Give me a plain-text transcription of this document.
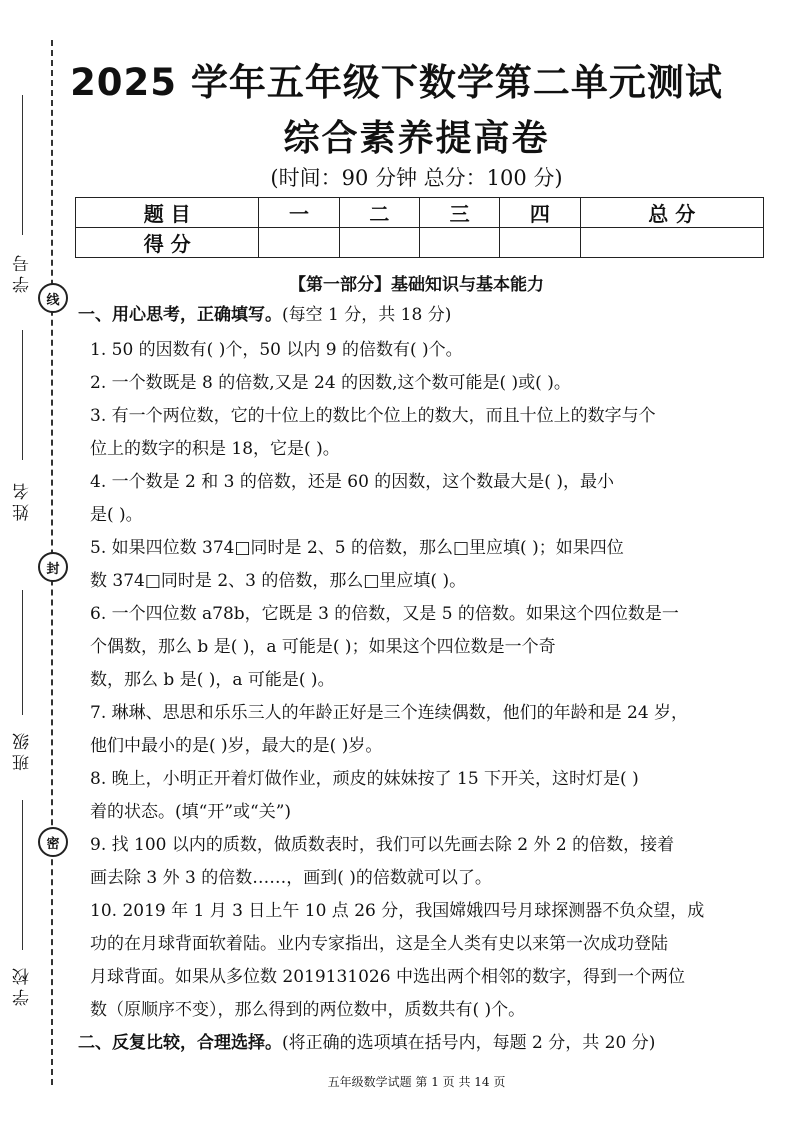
学号
线
姓名
封
班级
密
学校
2025 学年五年级下数学第二单元测试
综合素养提高卷
(时间：90 分钟 总分：100 分)
题 目	一	二	三	四	总 分
得 分					
【第一部分】基础知识与基本能力
一、用心思考，正确填写。(每空 1 分，共 18 分)
1. 50 的因数有( )个，50 以内 9 的倍数有( )个。
2. 一个数既是 8 的倍数,又是 24 的因数,这个数可能是( )或( )。
3. 有一个两位数，它的十位上的数比个位上的数大，而且十位上的数字与个
位上的数字的积是 18，它是( )。
4. 一个数是 2 和 3 的倍数，还是 60 的因数，这个数最大是( )，最小
是( )。
5. 如果四位数 374□同时是 2、5 的倍数，那么□里应填( )；如果四位
数 374□同时是 2、3 的倍数，那么□里应填( )。
6. 一个四位数 a78b，它既是 3 的倍数，又是 5 的倍数。如果这个四位数是一
个偶数，那么 b 是( )，a 可能是( )；如果这个四位数是一个奇
数，那么 b 是( )，a 可能是( )。
7. 琳琳、思思和乐乐三人的年龄正好是三个连续偶数，他们的年龄和是 24 岁，
他们中最小的是( )岁，最大的是( )岁。
8. 晚上，小明正开着灯做作业，顽皮的妹妹按了 15 下开关，这时灯是( )
着的状态。(填“开”或“关”)
9. 找 100 以内的质数，做质数表时，我们可以先画去除 2 外 2 的倍数，接着
画去除 3 外 3 的倍数……，画到( )的倍数就可以了。
10. 2019 年 1 月 3 日上午 10 点 26 分，我国嫦娥四号月球探测器不负众望，成
功的在月球背面软着陆。业内专家指出，这是全人类有史以来第一次成功登陆
月球背面。如果从多位数 2019131026 中选出两个相邻的数字，得到一个两位
数（原顺序不变），那么得到的两位数中，质数共有( )个。
二、反复比较，合理选择。(将正确的选项填在括号内，每题 2 分，共 20 分)
五年级数学试题 第 1 页 共 14 页
